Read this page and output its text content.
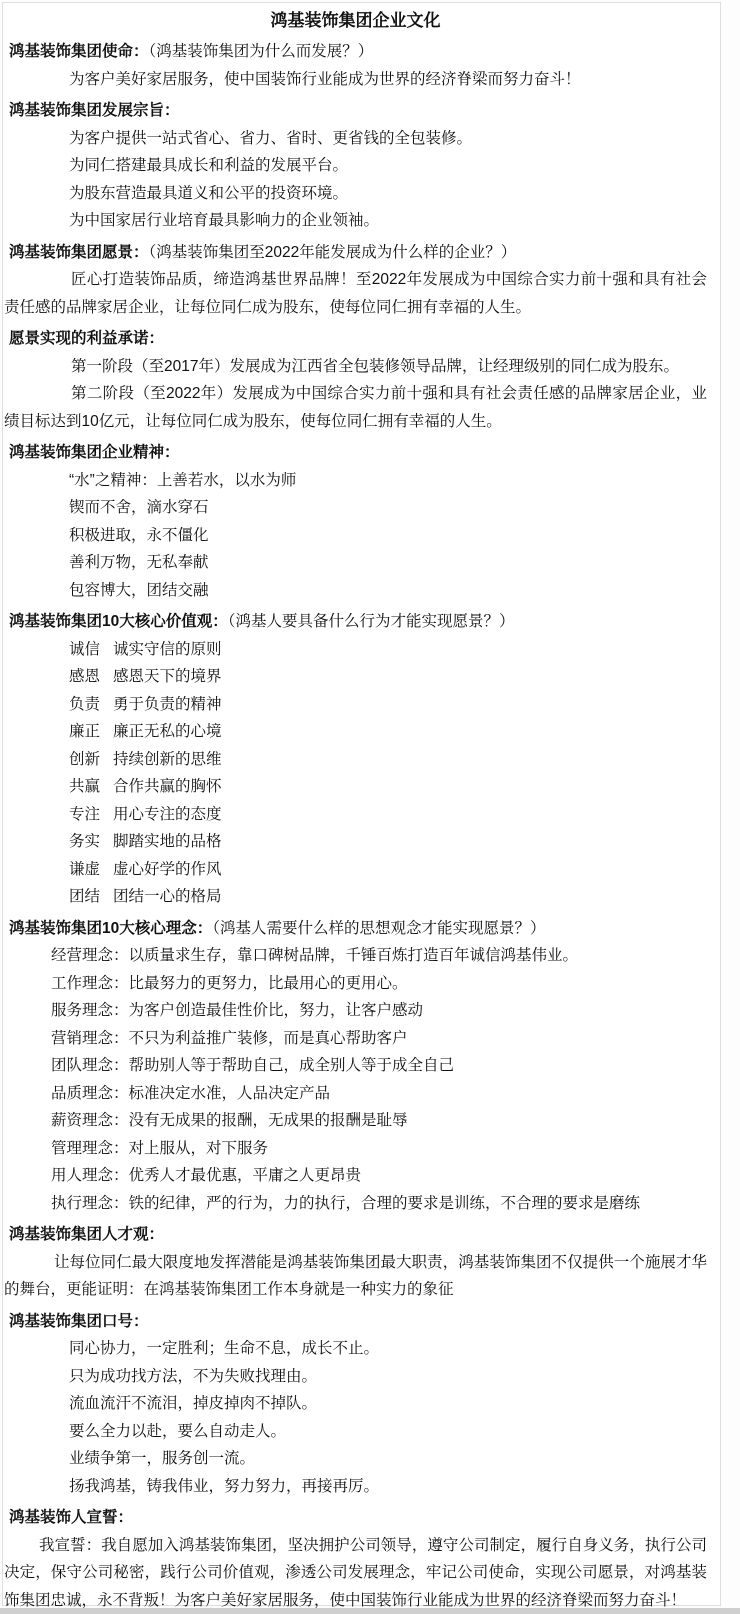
鸿基装饰集团企业文化

鸿基装饰集团使命：（鸿基装饰集团为什么而发展？）

为客户美好家居服务，使中国装饰行业能成为世界的经济脊梁而努力奋斗！

鸿基装饰集团发展宗旨：

为客户提供一站式省心、省力、省时、更省钱的全包装修。

为同仁搭建最具成长和利益的发展平台。

为股东营造最具道义和公平的投资环境。

为中国家居行业培育最具影响力的企业领袖。

鸿基装饰集团愿景：（鸿基装饰集团至2022年能发展成为什么样的企业？）

匠心打造装饰品质，缔造鸿基世界品牌！至2022年发展成为中国综合实力前十强和具有社会责任感的品牌家居企业，让每位同仁成为股东，使每位同仁拥有幸福的人生。

愿景实现的利益承诺：

第一阶段（至2017年）发展成为江西省全包装修领导品牌，让经理级别的同仁成为股东。

第二阶段（至2022年）发展成为中国综合实力前十强和具有社会责任感的品牌家居企业，业绩目标达到10亿元，让每位同仁成为股东，使每位同仁拥有幸福的人生。

鸿基装饰集团企业精神：

“水”之精神：上善若水，以水为师

锲而不舍，滴水穿石

积极进取，永不僵化

善利万物，无私奉献

包容博大，团结交融

鸿基装饰集团10大核心价值观：（鸿基人要具备什么行为才能实现愿景？）

诚信 诚实守信的原则

感恩 感恩天下的境界

负责 勇于负责的精神

廉正 廉正无私的心境

创新 持续创新的思维

共赢 合作共赢的胸怀

专注 用心专注的态度

务实 脚踏实地的品格

谦虚 虚心好学的作风

团结 团结一心的格局

鸿基装饰集团10大核心理念：（鸿基人需要什么样的思想观念才能实现愿景？）

经营理念：以质量求生存，靠口碑树品牌，千锤百炼打造百年诚信鸿基伟业。

工作理念：比最努力的更努力，比最用心的更用心。

服务理念：为客户创造最佳性价比，努力，让客户感动

营销理念：不只为利益推广装修，而是真心帮助客户

团队理念：帮助别人等于帮助自己，成全别人等于成全自己

品质理念：标准决定水准，人品决定产品

薪资理念：没有无成果的报酬，无成果的报酬是耻辱

管理理念：对上服从，对下服务

用人理念：优秀人才最优惠，平庸之人更昂贵

执行理念：铁的纪律，严的行为，力的执行，合理的要求是训练，不合理的要求是磨练

鸿基装饰集团人才观：

让每位同仁最大限度地发挥潜能是鸿基装饰集团最大职责，鸿基装饰集团不仅提供一个施展才华的舞台，更能证明：在鸿基装饰集团工作本身就是一种实力的象征

鸿基装饰集团口号：

同心协力，一定胜利；生命不息，成长不止。

只为成功找方法，不为失败找理由。

流血流汗不流泪，掉皮掉肉不掉队。

要么全力以赴，要么自动走人。

业绩争第一，服务创一流。

扬我鸿基，铸我伟业，努力努力，再接再厉。

鸿基装饰人宣誓：

我宣誓：我自愿加入鸿基装饰集团，坚决拥护公司领导，遵守公司制定，履行自身义务，执行公司决定，保守公司秘密，践行公司价值观，渗透公司发展理念，牢记公司使命，实现公司愿景，对鸿基装饰集团忠诚，永不背叛！为客户美好家居服务，使中国装饰行业能成为世界的经济脊梁而努力奋斗！
